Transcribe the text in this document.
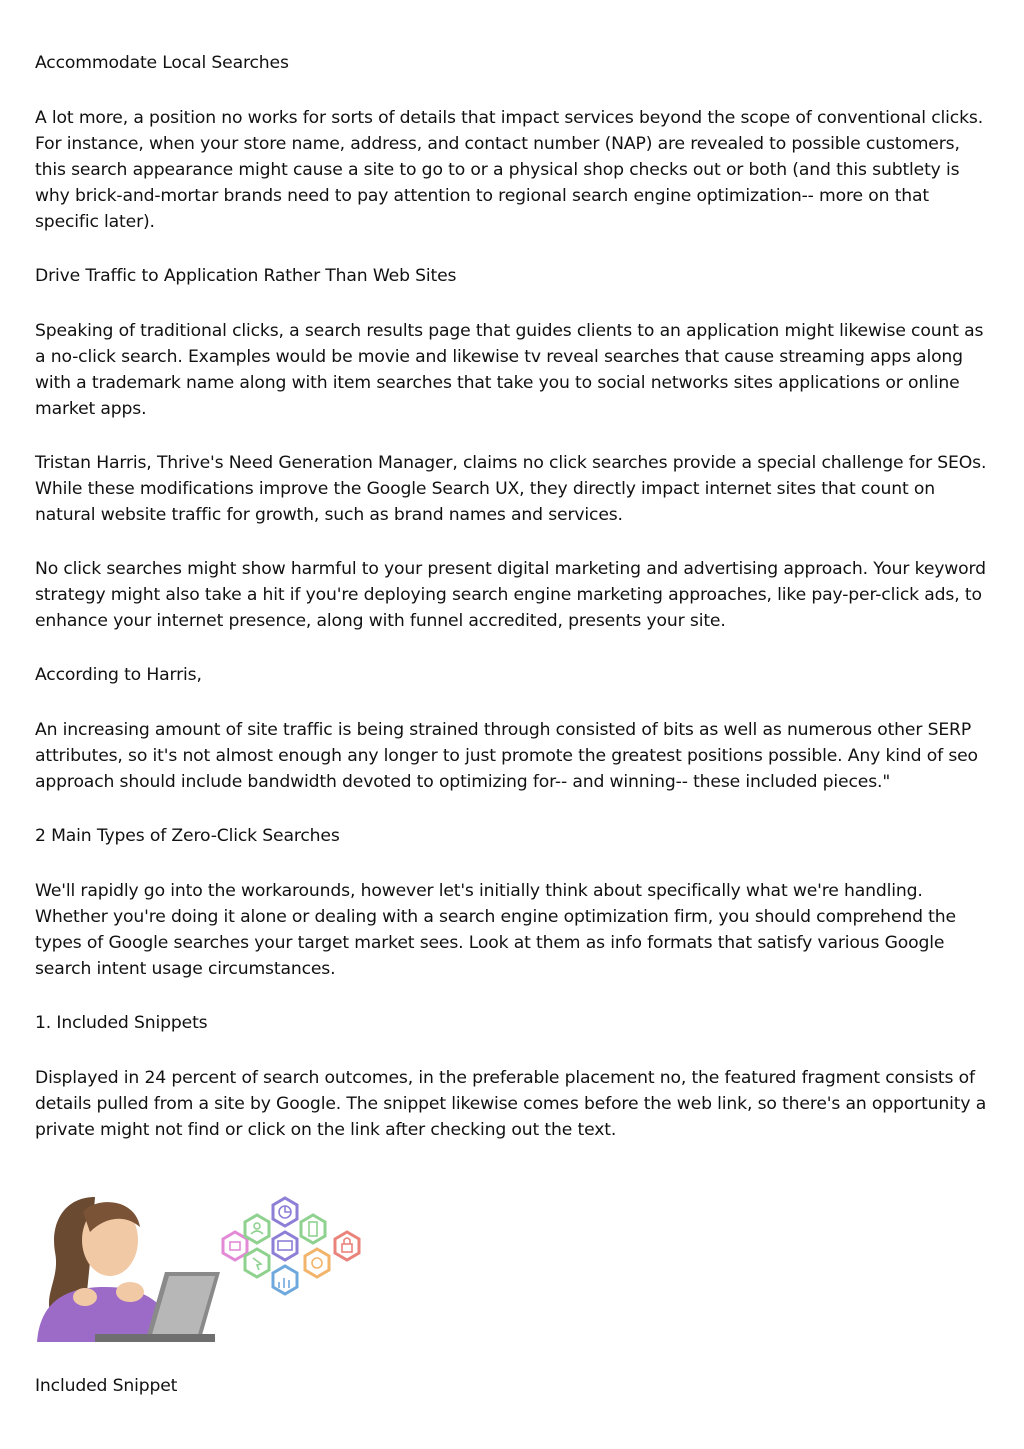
Accommodate Local Searches

A lot more, a position no works for sorts of details that impact services beyond the scope of conventional clicks. For instance, when your store name, address, and contact number (NAP) are revealed to possible customers, this search appearance might cause a site to go to or a physical shop checks out or both (and this subtlety is why brick-and-mortar brands need to pay attention to regional search engine optimization-- more on that specific later).

Drive Traffic to Application Rather Than Web Sites

Speaking of traditional clicks, a search results page that guides clients to an application might likewise count as a no-click search. Examples would be movie and likewise tv reveal searches that cause streaming apps along with a trademark name along with item searches that take you to social networks sites applications or online market apps.

Tristan Harris, Thrive's Need Generation Manager, claims no click searches provide a special challenge for SEOs. While these modifications improve the Google Search UX, they directly impact internet sites that count on natural website traffic for growth, such as brand names and services.

No click searches might show harmful to your present digital marketing and advertising approach. Your keyword strategy might also take a hit if you're deploying search engine marketing approaches, like pay-per-click ads, to enhance your internet presence, along with funnel accredited, presents your site.

According to Harris,

An increasing amount of site traffic is being strained through consisted of bits as well as numerous other SERP attributes, so it's not almost enough any longer to just promote the greatest positions possible. Any kind of seo approach should include bandwidth devoted to optimizing for-- and winning-- these included pieces."

2 Main Types of Zero-Click Searches

We'll rapidly go into the workarounds, however let's initially think about specifically what we're handling. Whether you're doing it alone or dealing with a search engine optimization firm, you should comprehend the types of Google searches your target market sees. Look at them as info formats that satisfy various Google search intent usage circumstances.

1. Included Snippets

Displayed in 24 percent of search outcomes, in the preferable placement no, the featured fragment consists of details pulled from a site by Google. The snippet likewise comes before the web link, so there's an opportunity a private might not find or click on the link after checking out the text.

Included Snippet
